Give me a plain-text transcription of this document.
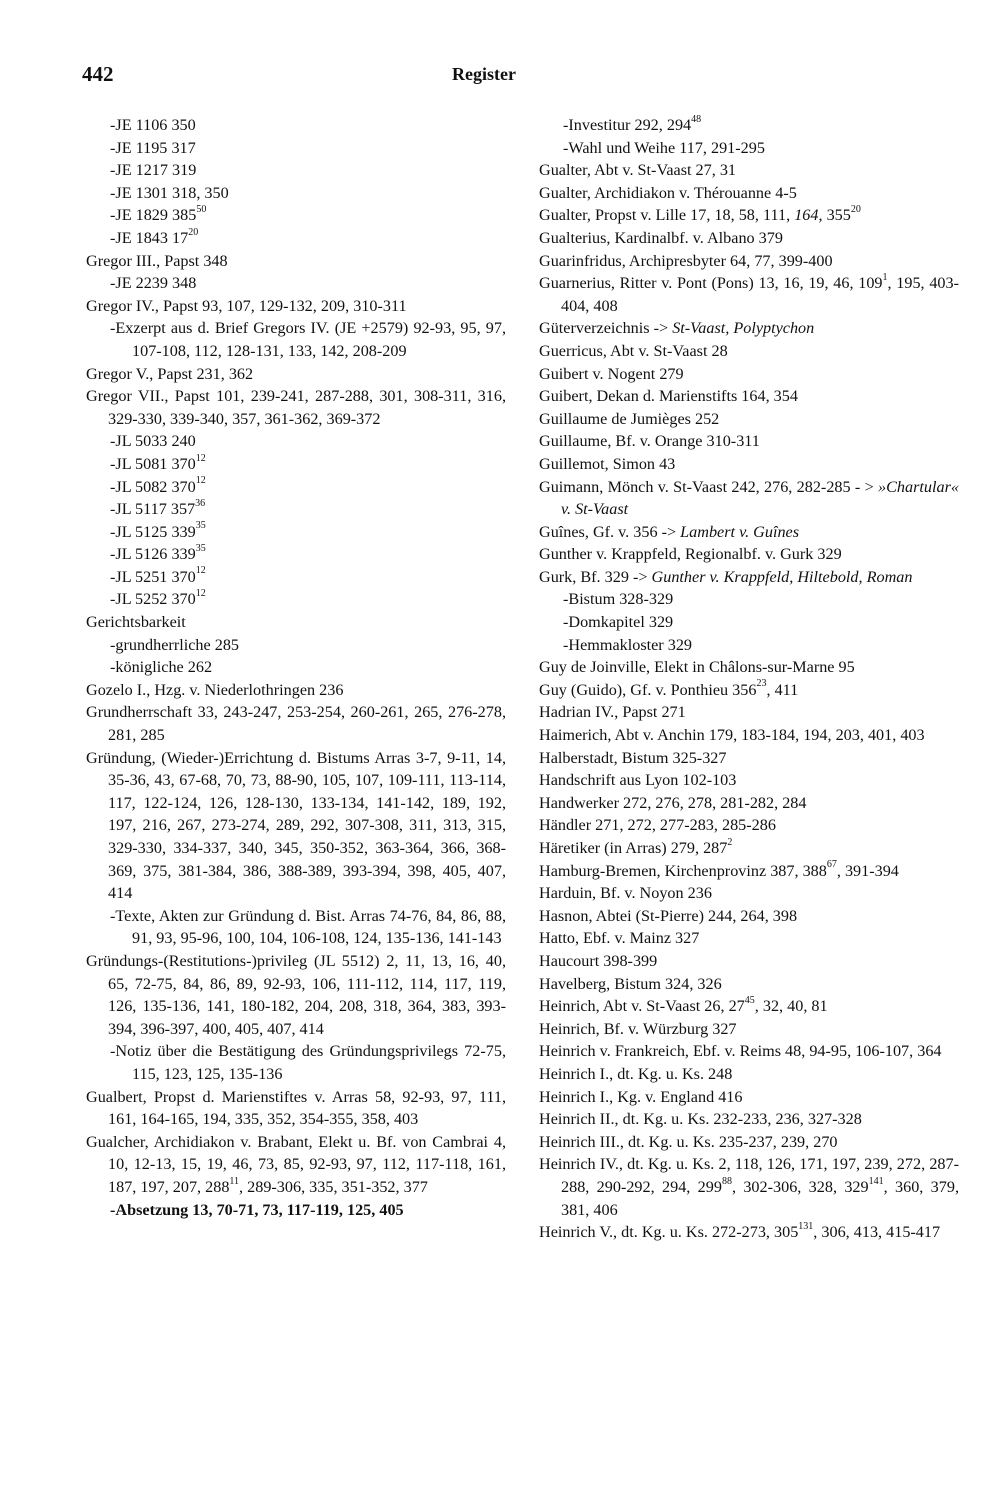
442	Register

-JE 1106 350

-JE 1195 317

-JE 1217 319

-JE 1301 318, 350

-JE 1829 $385^{50}$

-JE 1843 $17^{20}$

Gregor III., Papst 348

-JE 2239 348

Gregor IV., Papst 93, 107, 129-132, 209, 310-311

-Exzerpt aus d. Brief Gregors IV. (JE +2579) 92-93, 95, 97, 107-108, 112, 128-131, 133, 142, 208-209

Gregor V., Papst 231, 362

Gregor VII., Papst 101, 239-241, 287-288, 301, 308-311, 316, 329-330, 339-340, 357, 361-362, 369-372

-JL 5033 240

-JL 5081 $370^{12}$

-JL 5082 $370^{12}$

-JL 5117 $357^{36}$

-JL 5125 $339^{35}$

-JL 5126 $339^{35}$

-JL 5251 $370^{12}$

-JL 5252 $370^{12}$

Gerichtsbarkeit

-grundherrliche 285

-königliche 262

Gozelo I., Hzg. v. Niederlothringen 236

Grundherrschaft 33, 243-247, 253-254, 260-261, 265, 276-278, 281, 285

Gründung, (Wieder-)Errichtung d. Bistums Arras 3-7, 9-11, 14, 35-36, 43, 67-68, 70, 73, 88-90, 105, 107, 109-111, 113-114, 117, 122-124, 126, 128-130, 133-134, 141-142, 189, 192, 197, 216, 267, 273-274, 289, 292, 307-308, 311, 313, 315, 329-330, 334-337, 340, 345, 350-352, 363-364, 366, 368-369, 375, 381-384, 386, 388-389, 393-394, 398, 405, 407, 414

-Texte, Akten zur Gründung d. Bist. Arras 74-76, 84, 86, 88, 91, 93, 95-96, 100, 104, 106-108, 124, 135-136, 141-143

Gründungs-(Restitutions-)privileg (JL 5512) 2, 11, 13, 16, 40, 65, 72-75, 84, 86, 89, 92-93, 106, 111-112, 114, 117, 119, 126, 135-136, 141, 180-182, 204, 208, 318, 364, 383, 393-394, 396-397, 400, 405, 407, 414

-Notiz über die Bestätigung des Gründungsprivilegs 72-75, 115, 123, 125, 135-136

Gualbert, Propst d. Marienstiftes v. Arras 58, 92-93, 97, 111, 161, 164-165, 194, 335, 352, 354-355, 358, 403

Gualcher, Archidiakon v. Brabant, Elekt u. Bf. von Cambrai 4, 10, 12-13, 15, 19, 46, 73, 85, 92-93, 97, 112, 117-118, 161, 187, 197, 207, $288^{11}$, 289-306, 335, 351-352, 377

-Absetzung 13, 70-71, 73, 117-119, 125, 405

-Investitur 292, $294^{48}$

-Wahl und Weihe 117, 291-295

Gualter, Abt v. St-Vaast 27, 31

Gualter, Archidiakon v. Thérouanne 4-5

Gualter, Propst v. Lille 17, 18, 58, 111, 164, $355^{20}$

Gualterius, Kardinalbf. v. Albano 379

Guarinfridus, Archipresbyter 64, 77, 399-400

Guarnerius, Ritter v. Pont (Pons) 13, 16, 19, 46, $109^1$, 195, 403-404, 408

Güterverzeichnis -> St-Vaast, Polyptychon

Guerricus, Abt v. St-Vaast 28

Guibert v. Nogent 279

Guibert, Dekan d. Marienstifts 164, 354

Guillaume de Jumièges 252

Guillaume, Bf. v. Orange 310-311

Guillemot, Simon 43

Guimann, Mönch v. St-Vaast 242, 276, 282-285 - > »Chartular« v. St-Vaast

Guînes, Gf. v. 356 -> Lambert v. Guînes

Gunther v. Krappfeld, Regionalbf. v. Gurk 329

Gurk, Bf. 329 -> Gunther v. Krappfeld, Hiltebold, Roman

-Bistum 328-329

-Domkapitel 329

-Hemmakloster 329

Guy de Joinville, Elekt in Châlons-sur-Marne 95

Guy (Guido), Gf. v. Ponthieu $356^{23}$, 411

Hadrian IV., Papst 271

Haimerich, Abt v. Anchin 179, 183-184, 194, 203, 401, 403

Halberstadt, Bistum 325-327

Handschrift aus Lyon 102-103

Handwerker 272, 276, 278, 281-282, 284

Händler 271, 272, 277-283, 285-286

Häretiker (in Arras) 279, $287^2$

Hamburg-Bremen, Kirchenprovinz 387, $388^{67}$, 391-394

Harduin, Bf. v. Noyon 236

Hasnon, Abtei (St-Pierre) 244, 264, 398

Hatto, Ebf. v. Mainz 327

Haucourt 398-399

Havelberg, Bistum 324, 326

Heinrich, Abt v. St-Vaast 26, $27^{45}$, 32, 40, 81

Heinrich, Bf. v. Würzburg 327

Heinrich v. Frankreich, Ebf. v. Reims 48, 94-95, 106-107, 364

Heinrich I., dt. Kg. u. Ks. 248

Heinrich I., Kg. v. England 416

Heinrich II., dt. Kg. u. Ks. 232-233, 236, 327-328

Heinrich III., dt. Kg. u. Ks. 235-237, 239, 270

Heinrich IV., dt. Kg. u. Ks. 2, 118, 126, 171, 197, 239, 272, 287-288, 290-292, 294, $299^{88}$, 302-306, 328, $329^{141}$, 360, 379, 381, 406

Heinrich V., dt. Kg. u. Ks. 272-273, $305^{131}$, 306, 413, 415-417
